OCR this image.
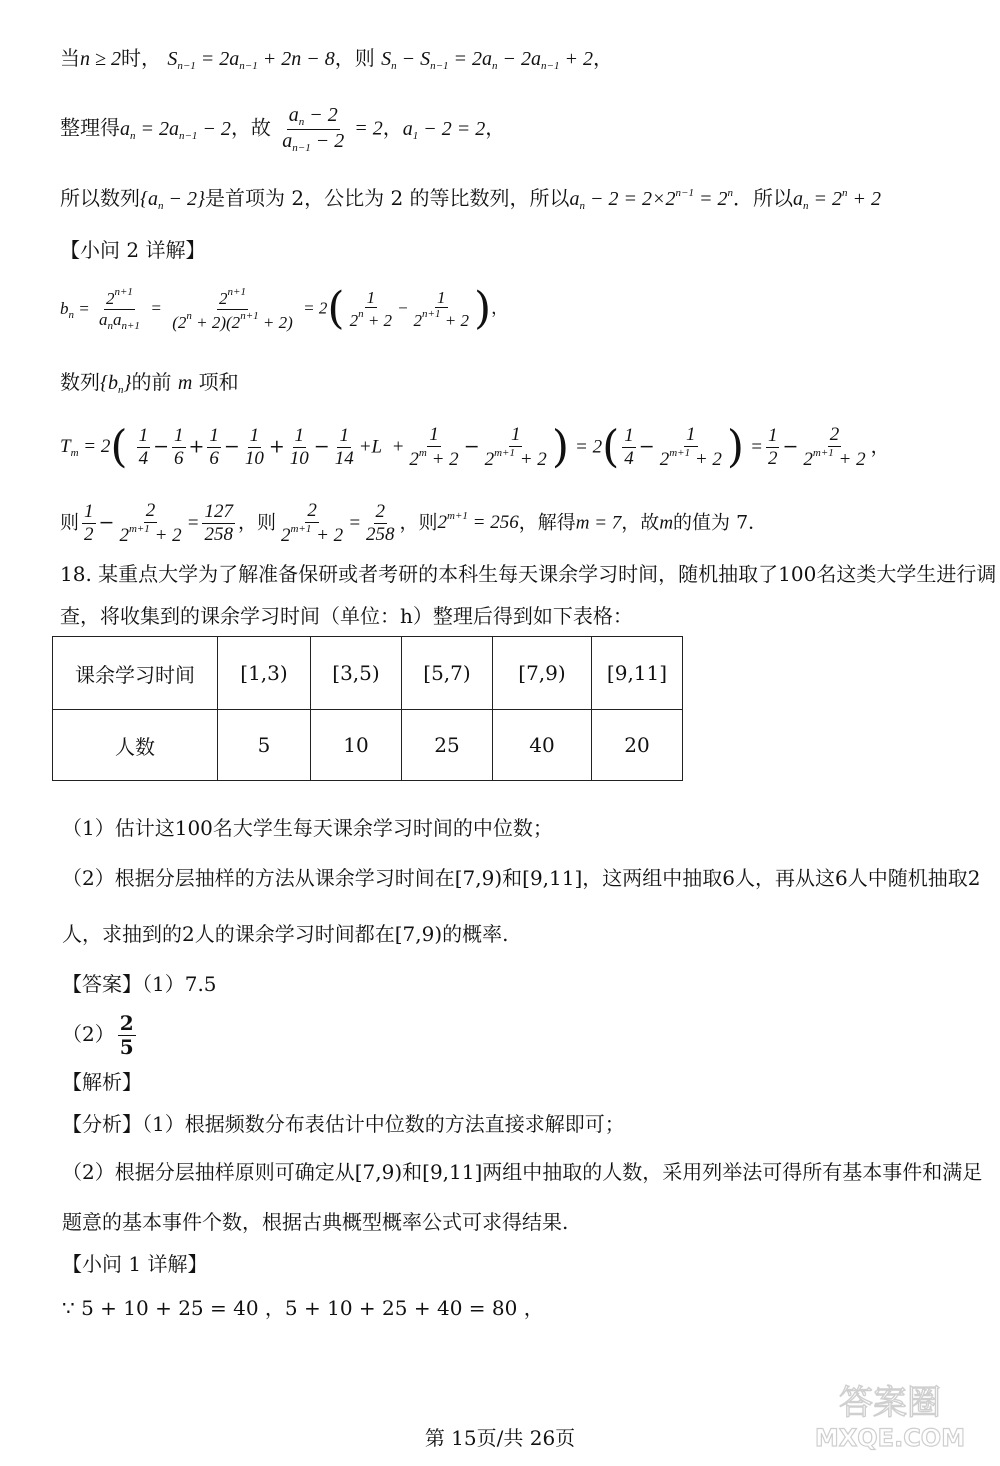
当n ≥ 2时， $S_{n-1} = 2a_{n-1} + 2n - 8$，则 $S_n - S_{n-1} = 2a_n - 2a_{n-1} + 2$，
整理得$a_n = 2a_{n-1} - 2$，故 $\frac{a_n - 2}{a_{n-1} - 2} = 2$，$a_1 - 2 = 2$，
所以数列$\{a_n - 2\}$是首项为 2，公比为 2 的等比数列，所以$a_n - 2 = 2\times 2^{n-1} = 2^n$．所以$a_n = 2^n + 2$
【小问 2 详解】
$b_n = \frac{2^{n+1}}{a_na_{n+1}} = \frac{2^{n+1}}{(2^n + 2)(2^{n+1} + 2)} = 2( \frac{1}{2^n + 2} - \frac{1}{2^{n+1} + 2}$ )，
数列$\{b_n\}$的前 m 项和
$T_m = 2( \frac{1}{4} - \frac{1}{6} + \frac{1}{6} - \frac{1}{10} + \frac{1}{10} - \frac{1}{14} +L + \frac{1}{2^m + 2} - \frac{1}{2^{m+1} + 2}$ ) = $2( \frac{1}{4} - \frac{1}{2^{m+1} + 2}$ ) = $\frac{1}{2} - \frac{2}{2^{m+1} + 2}$ ，
则 $\frac{1}{2} - \frac{2}{2^{m+1} + 2} = \frac{127}{258}$ ，则 $\frac{2}{2^{m+1} + 2} = \frac{2}{258}$ ，则$2^{m+1} = 256$，解得m = 7，故m的值为 7．
18. 某重点大学为了解准备保研或者考研的本科生每天课余学习时间，随机抽取了100名这类大学生进行调
查，将收集到的课余学习时间（单位：h）整理后得到如下表格：
课余学习时间	[1,3)	[3,5)	[5,7)	[7,9)	[9,11]
人数	5	10	25	40	20
（1）估计这100名大学生每天课余学习时间的中位数；
（2）根据分层抽样的方法从课余学习时间在[7,9)和[9,11]，这两组中抽取6人，再从这6人中随机抽取2
人，求抽到的2人的课余学习时间都在[7,9)的概率.
【答案】（1）7.5
$(2) \frac{2}{5}$
【解析】
【分析】（1）根据频数分布表估计中位数的方法直接求解即可；
（2）根据分层抽样原则可确定从[7,9)和[9,11]两组中抽取的人数，采用列举法可得所有基本事件和满足
题意的基本事件个数，根据古典概型概率公式可求得结果.
【小问 1 详解】
∵ 5 + 10 + 25 = 40 ，5 + 10 + 25 + 40 = 80 ，
第 15页/共 26页
答案圈
MXQE.COM
